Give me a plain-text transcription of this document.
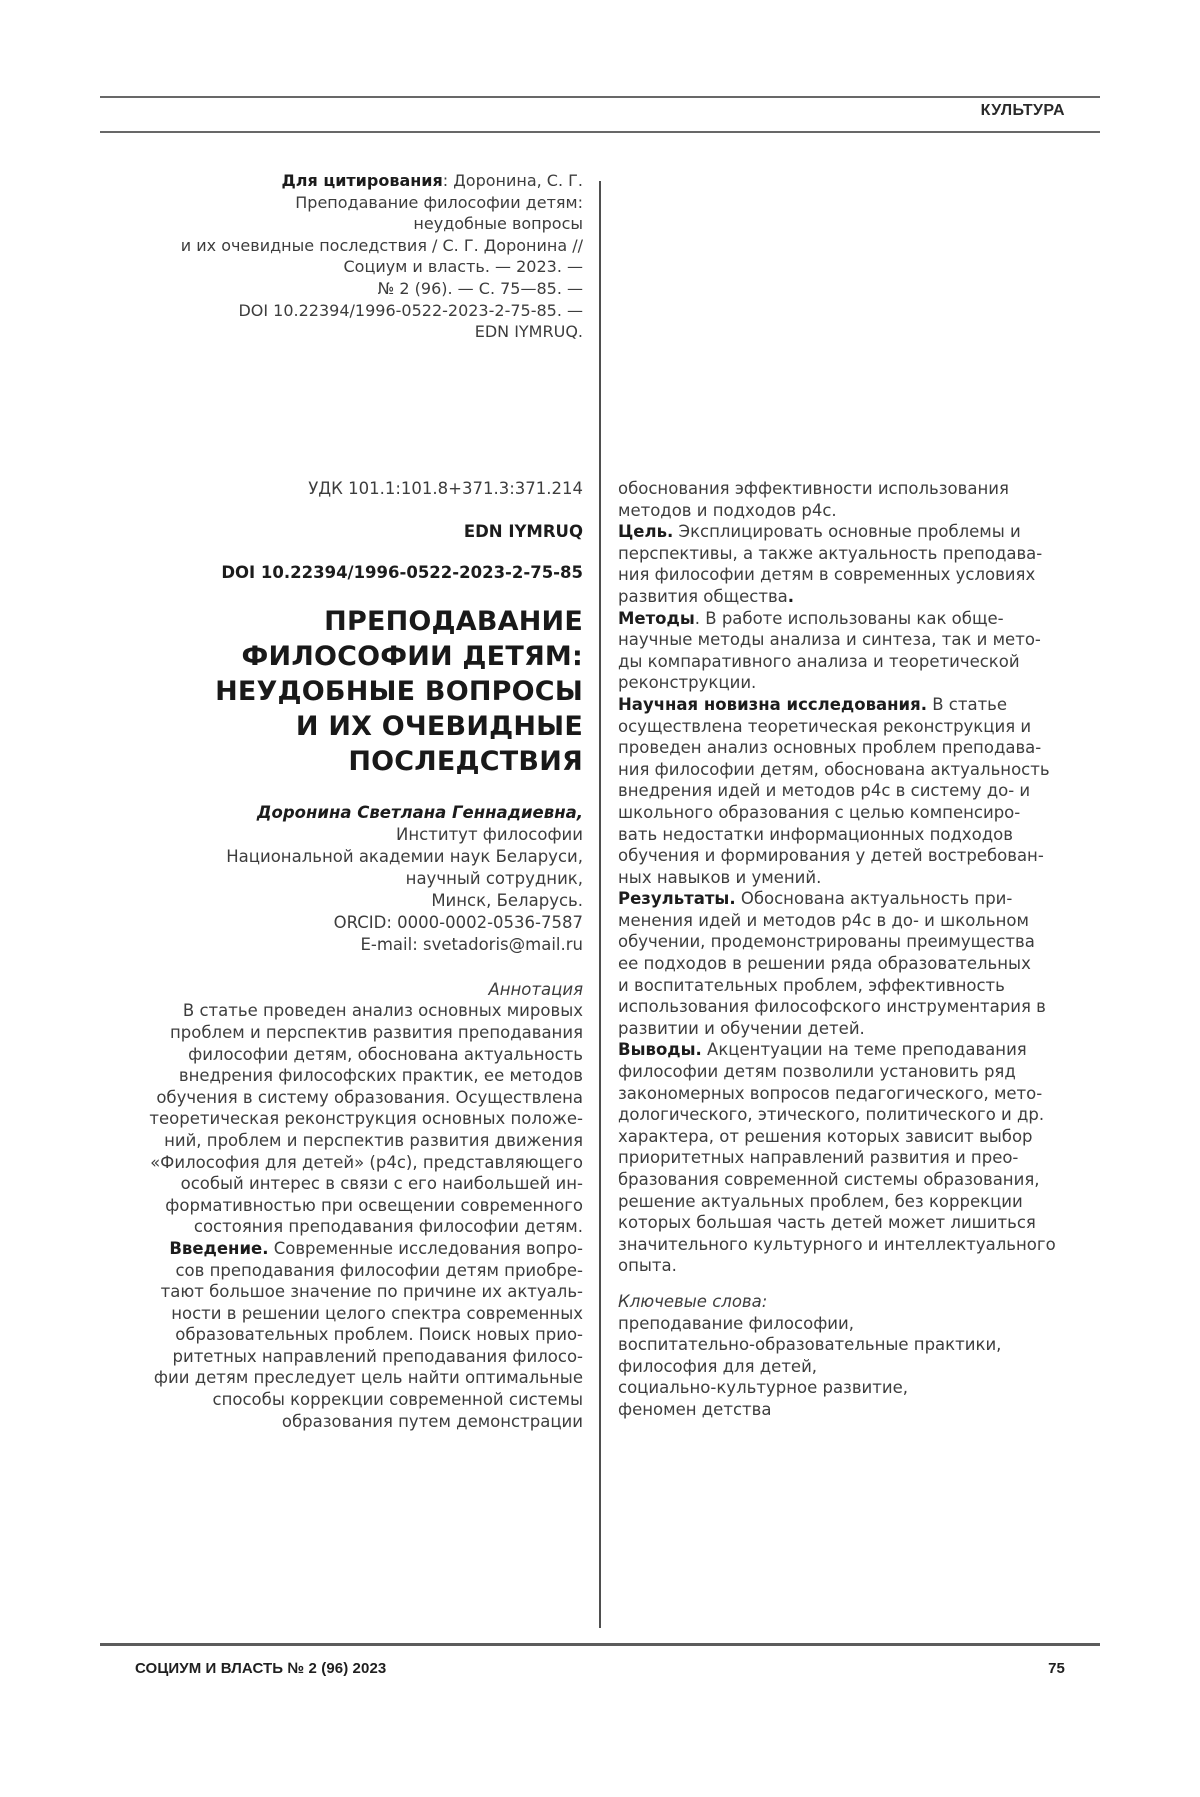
КУЛЬТУРА
Для цитирования: Доронина, С. Г.
Преподавание философии детям:
неудобные вопросы
и их очевидные последствия / С. Г. Доронина //
Социум и власть. — 2023. —
№ 2 (96). — С. 75—85. —
DOI 10.22394/1996-0522-2023-2-75-85. —
EDN IYMRUQ.
УДК 101.1:101.8+371.3:371.214
EDN IYMRUQ
DOI 10.22394/1996-0522-2023-2-75-85
ПРЕПОДАВАНИЕ
ФИЛОСОФИИ ДЕТЯМ:
НЕУДОБНЫЕ ВОПРОСЫ
И ИХ ОЧЕВИДНЫЕ
ПОСЛЕДСТВИЯ
Доронина Светлана Геннадиевна,
Институт философии
Национальной академии наук Беларуси,
научный сотрудник,
Минск, Беларусь.
ORCID: 0000-0002-0536-7587
E-mail: svetadoris@mail.ru
Аннотация
В статье проведен анализ основных мировых
проблем и перспектив развития преподавания
философии детям, обоснована актуальность
внедрения философских практик, ее методов
обучения в систему образования. Осуществлена
теоретическая реконструкция основных положе-
ний, проблем и перспектив развития движения
«Философия для детей» (p4c), представляющего
особый интерес в связи с его наибольшей ин-
формативностью при освещении современного
состояния преподавания философии детям.
Введение. Современные исследования вопро-
сов преподавания философии детям приобре-
тают большое значение по причине их актуаль-
ности в решении целого спектра современных
образовательных проблем. Поиск новых прио-
ритетных направлений преподавания филосо-
фии детям преследует цель найти оптимальные
способы коррекции современной системы
образования путем демонстрации
обоснования эффективности использования
методов и подходов p4c.
Цель. Эксплицировать основные проблемы и
перспективы, а также актуальность преподава-
ния философии детям в современных условиях
развития общества.
Методы. В работе использованы как обще-
научные методы анализа и синтеза, так и мето-
ды компаративного анализа и теоретической
реконструкции.
Научная новизна исследования. В статье
осуществлена теоретическая реконструкция и
проведен анализ основных проблем преподава-
ния философии детям, обоснована актуальность
внедрения идей и методов p4c в систему до- и
школьного образования с целью компенсиро-
вать недостатки информационных подходов
обучения и формирования у детей востребован-
ных навыков и умений.
Результаты. Обоснована актуальность при-
менения идей и методов p4c в до- и школьном
обучении, продемонстрированы преимущества
ее подходов в решении ряда образовательных
и воспитательных проблем, эффективность
использования философского инструментария в
развитии и обучении детей.
Выводы. Акцентуации на теме преподавания
философии детям позволили установить ряд
закономерных вопросов педагогического, мето-
дологического, этического, политического и др.
характера, от решения которых зависит выбор
приоритетных направлений развития и прео-
бразования современной системы образования,
решение актуальных проблем, без коррекции
которых большая часть детей может лишиться
значительного культурного и интеллектуального
опыта.
Ключевые слова:
преподавание философии,
воспитательно-образовательные практики,
философия для детей,
социально-культурное развитие,
феномен детства
СОЦИУМ И ВЛАСТЬ № 2 (96) 2023	75
